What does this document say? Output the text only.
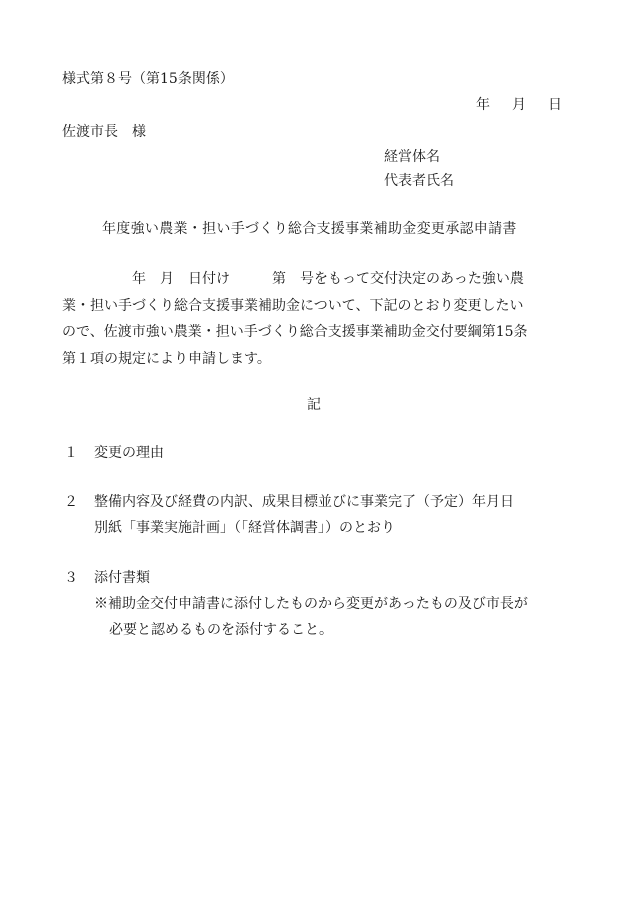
様式第８号（第15条関係）
年 月 日
佐渡市長　様
経営体名
代表者氏名
年度強い農業・担い手づくり総合支援事業補助金変更承認申請書
　　　　　年　月　日付け　　　第　号をもって交付決定のあった強い農
業・担い手づくり総合支援事業補助金について、下記のとおり変更したい
ので、佐渡市強い農業・担い手づくり総合支援事業補助金交付要綱第15条
第１項の規定により申請します。
記
１ 変更の理由
２ 整備内容及び経費の内訳、成果目標並びに事業完了（予定）年月日
別紙「事業実施計画」（「経営体調書」）のとおり
３ 添付書類
※補助金交付申請書に添付したものから変更があったもの及び市長が
必要と認めるものを添付すること。
